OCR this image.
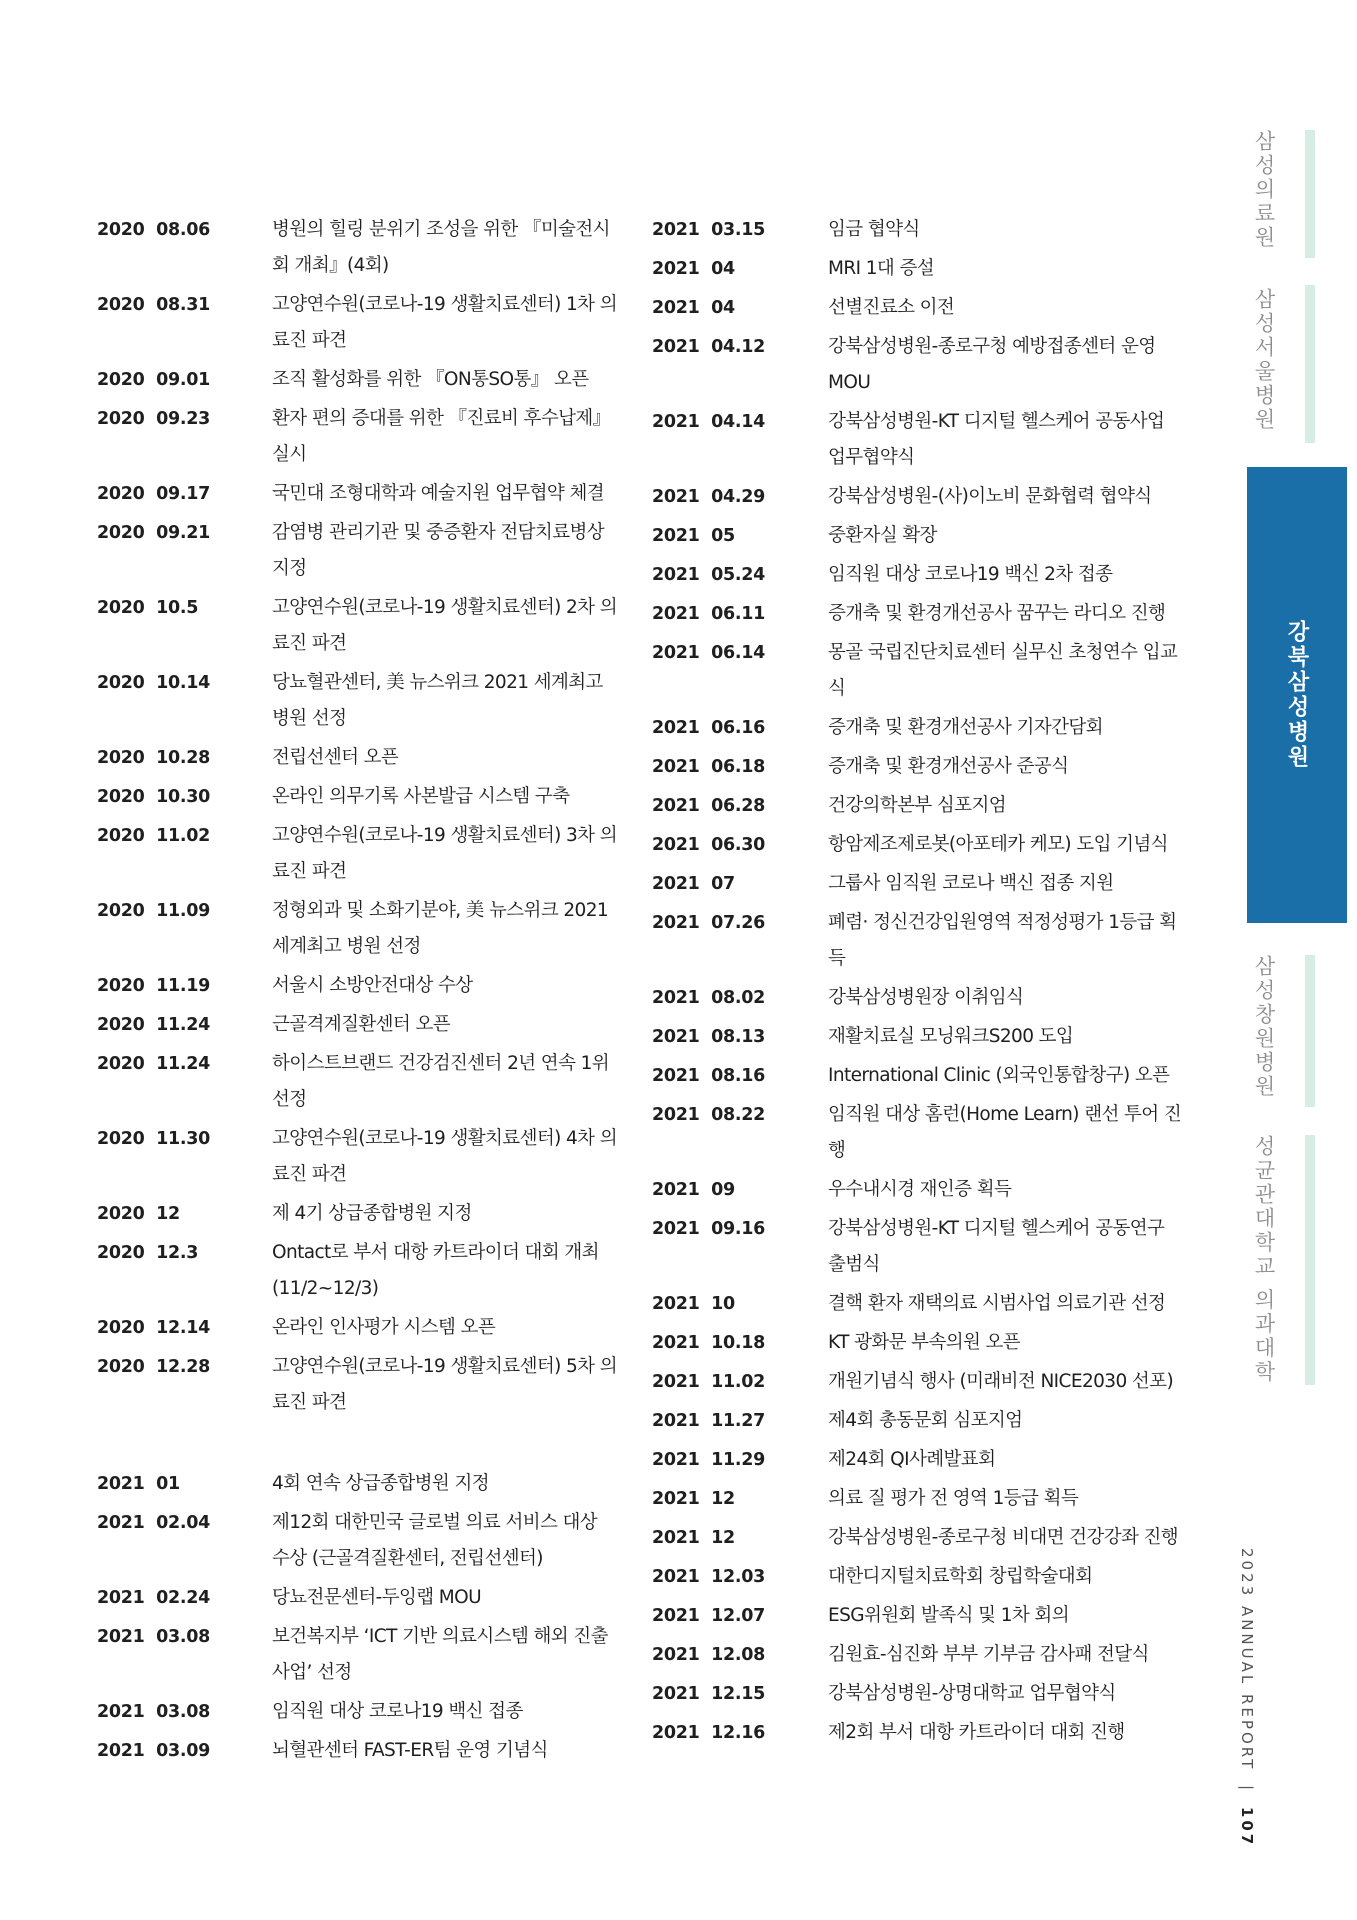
2020  08.06	병원의 힐링 분위기 조성을 위한 『미술전시회 개최』(4회)
2020  08.31	고양연수원(코로나-19 생활치료센터) 1차 의료진 파견
2020  09.01	조직 활성화를 위한 『ON통SO통』 오픈
2020  09.23	환자 편의 증대를 위한 『진료비 후수납제』 실시
2020  09.17	국민대 조형대학과 예술지원 업무협약 체결
2020  09.21	감염병 관리기관 및 중증환자 전담치료병상 지정
2020  10.5	고양연수원(코로나-19 생활치료센터) 2차 의료진 파견
2020  10.14	당뇨혈관센터, 美 뉴스위크 2021 세계최고 병원 선정
2020  10.28	전립선센터 오픈
2020  10.30	온라인 의무기록 사본발급 시스템 구축
2020  11.02	고양연수원(코로나-19 생활치료센터) 3차 의료진 파견
2020  11.09	정형외과 및 소화기분야, 美 뉴스위크 2021 세계최고 병원 선정
2020  11.19	서울시 소방안전대상 수상
2020  11.24	근골격계질환센터 오픈
2020  11.24	하이스트브랜드 건강검진센터 2년 연속 1위 선정
2020  11.30	고양연수원(코로나-19 생활치료센터) 4차 의료진 파견
2020  12	제 4기 상급종합병원 지정
2020  12.3	Ontact로 부서 대항 카트라이더 대회 개최 (11/2~12/3)
2020  12.14	온라인 인사평가 시스템 오픈
2020  12.28	고양연수원(코로나-19 생활치료센터) 5차 의료진 파견
2021  01	4회 연속 상급종합병원 지정
2021  02.04	제12회 대한민국 글로벌 의료 서비스 대상 수상 (근골격질환센터, 전립선센터)
2021  02.24	당뇨전문센터-두잉랩 MOU
2021  03.08	보건복지부 ‘ICT 기반 의료시스템 해외 진출 사업’ 선정
2021  03.08	임직원 대상 코로나19 백신 접종
2021  03.09	뇌혈관센터 FAST-ER팀 운영 기념식
2021  03.15	임금 협약식
2021  04	MRI 1대 증설
2021  04	선별진료소 이전
2021  04.12	강북삼성병원-종로구청 예방접종센터 운영 MOU
2021  04.14	강북삼성병원-KT 디지털 헬스케어 공동사업 업무협약식
2021  04.29	강북삼성병원-(사)이노비 문화협력 협약식
2021  05	중환자실 확장
2021  05.24	임직원 대상 코로나19 백신 2차 접종
2021  06.11	증개축 및 환경개선공사 꿈꾸는 라디오 진행
2021  06.14	몽골 국립진단치료센터 실무신 초청연수 입교식
2021  06.16	증개축 및 환경개선공사 기자간담회
2021  06.18	증개축 및 환경개선공사 준공식
2021  06.28	건강의학본부 심포지엄
2021  06.30	항암제조제로봇(아포테카 케모) 도입 기념식
2021  07	그룹사 임직원 코로나 백신 접종 지원
2021  07.26	폐렴· 정신건강입원영역 적정성평가 1등급 획득
2021  08.02	강북삼성병원장 이취임식
2021  08.13	재활치료실 모닝워크S200 도입
2021  08.16	International Clinic (외국인통합창구) 오픈
2021  08.22	임직원 대상 홈런(Home Learn) 랜선 투어 진행
2021  09	우수내시경 재인증 획득
2021  09.16	강북삼성병원-KT 디지털 헬스케어 공동연구 출범식
2021  10	결핵 환자 재택의료 시범사업 의료기관 선정
2021  10.18	KT 광화문 부속의원 오픈
2021  11.02	개원기념식 행사 (미래비전 NICE2030 선포)
2021  11.27	제4회 총동문회 심포지엄
2021  11.29	제24회 QI사례발표회
2021  12	의료 질 평가 전 영역 1등급 획득
2021  12	강북삼성병원-종로구청 비대면 건강강좌 진행
2021  12.03	대한디지털치료학회 창립학술대회
2021  12.07	ESG위원회 발족식 및 1차 회의
2021  12.08	김원효-심진화 부부 기부금 감사패 전달식
2021  12.15	강북삼성병원-상명대학교 업무협약식
2021  12.16	제2회 부서 대항 카트라이더 대회 진행
삼성의료원
삼성서울병원
강북삼성병원
삼성창원병원
성균관대학교 의과대학
2023 ANNUAL REPORT | 107
